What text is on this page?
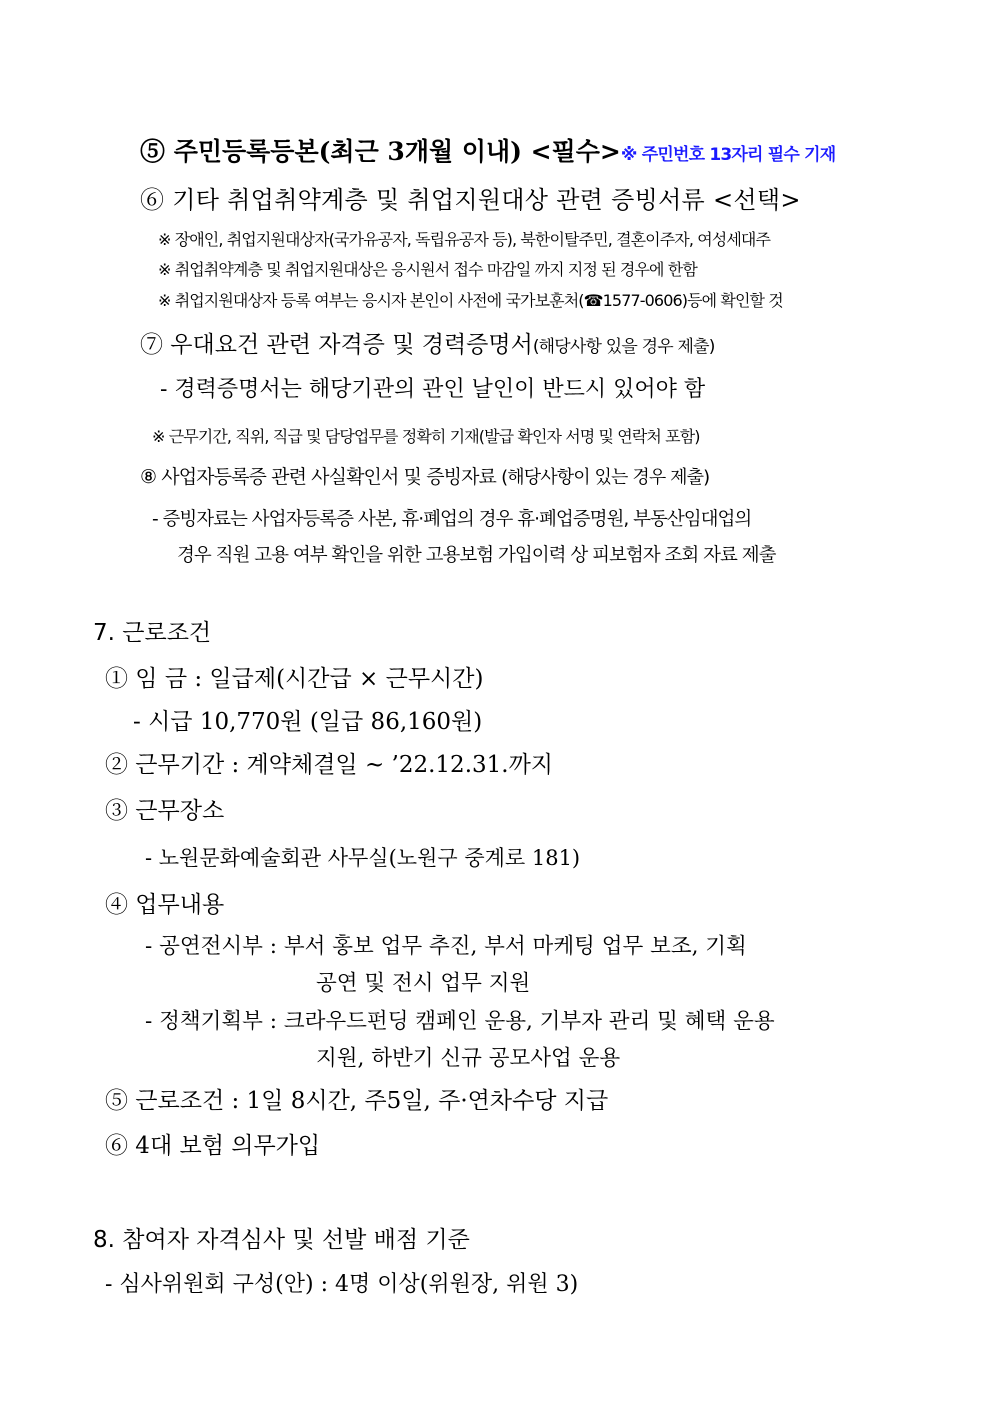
⑤ 주민등록등본(최근 3개월 이내) <필수>※ 주민번호 13자리 필수 기재
⑥ 기타 취업취약계층 및 취업지원대상 관련 증빙서류 <선택>
※ 장애인, 취업지원대상자(국가유공자, 독립유공자 등), 북한이탈주민, 결혼이주자, 여성세대주
※ 취업취약계층 및 취업지원대상은 응시원서 접수 마감일 까지 지정 된 경우에 한함
※ 취업지원대상자 등록 여부는 응시자 본인이 사전에 국가보훈처(☎1577-0606)등에 확인할 것
⑦ 우대요건 관련 자격증 및 경력증명서(해당사항 있을 경우 제출)
- 경력증명서는 해당기관의 관인 날인이 반드시 있어야 함
※ 근무기간, 직위, 직급 및 담당업무를 정확히 기재(발급 확인자 서명 및 연락처 포함)
⑧ 사업자등록증 관련 사실확인서 및 증빙자료 (해당사항이 있는 경우 제출)
- 증빙자료는 사업자등록증 사본, 휴·폐업의 경우 휴·폐업증명원, 부동산임대업의
경우 직원 고용 여부 확인을 위한 고용보험 가입이력 상 피보험자 조회 자료 제출
7. 근로조건
① 임 금 : 일급제(시간급 × 근무시간)
- 시급 10,770원 (일급 86,160원)
② 근무기간 : 계약체결일 ~ ’22.12.31.까지
③ 근무장소
- 노원문화예술회관 사무실(노원구 중계로 181)
④ 업무내용
- 공연전시부 : 부서 홍보 업무 추진, 부서 마케팅 업무 보조, 기획
공연 및 전시 업무 지원
- 정책기획부 : 크라우드펀딩 캠페인 운용, 기부자 관리 및 혜택 운용
지원, 하반기 신규 공모사업 운용
⑤ 근로조건 : 1일 8시간, 주5일, 주·연차수당 지급
⑥ 4대 보험 의무가입
8. 참여자 자격심사 및 선발 배점 기준
- 심사위원회 구성(안) : 4명 이상(위원장, 위원 3)
